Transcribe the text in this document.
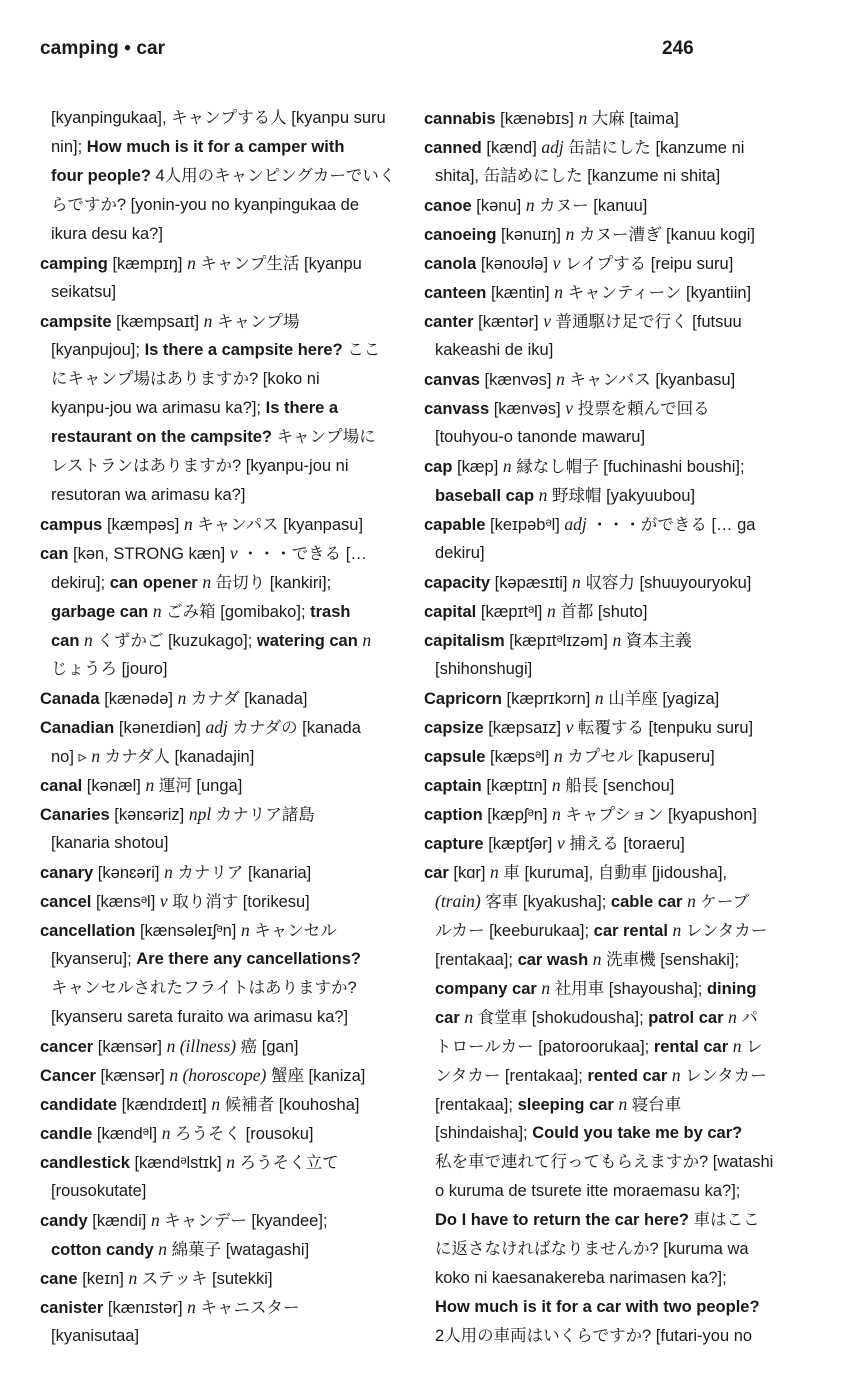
camping • car	246
[kyanpingukaa], キャンプする人 [kyanpu suru
nin]; How much is it for a camper with
four people? 4人用のキャンピングカーでいく
らですか? [yonin-you no kyanpingukaa de
ikura desu ka?]
camping [kæmpɪŋ] n キャンプ生活 [kyanpu
seikatsu]
campsite [kæmpsaɪt] n キャンプ場
[kyanpujou]; Is there a campsite here? ここ
にキャンプ場はありますか? [koko ni
kyanpu-jou wa arimasu ka?]; Is there a
restaurant on the campsite? キャンプ場に
レストランはありますか? [kyanpu-jou ni
resutoran wa arimasu ka?]
campus [kæmpəs] n キャンパス [kyanpasu]
can [kən, STRONG kæn] v ・・・できる […
dekiru]; can opener n 缶切り [kankiri];
garbage can n ごみ箱 [gomibako]; trash
can n くずかご [kuzukago]; watering can n
じょうろ [jouro]
Canada [kænədə] n カナダ [kanada]
Canadian [kəneɪdiən] adj カナダの [kanada
no] ▹ n カナダ人 [kanadajin]
canal [kənæl] n 運河 [unga]
Canaries [kənɛəriz] npl カナリア諸島
[kanaria shotou]
canary [kənɛəri] n カナリア [kanaria]
cancel [kænsᵊl] v 取り消す [torikesu]
cancellation [kænsəleɪʃᵊn] n キャンセル
[kyanseru]; Are there any cancellations?
キャンセルされたフライトはありますか?
[kyanseru sareta furaito wa arimasu ka?]
cancer [kænsər] n (illness) 癌 [gan]
Cancer [kænsər] n (horoscope) 蟹座 [kaniza]
candidate [kændɪdeɪt] n 候補者 [kouhosha]
candle [kændᵊl] n ろうそく [rousoku]
candlestick [kændᵊlstɪk] n ろうそく立て
[rousokutate]
candy [kændi] n キャンデー [kyandee];
cotton candy n 綿菓子 [watagashi]
cane [keɪn] n ステッキ [sutekki]
canister [kænɪstər] n キャニスター
[kyanisutaa]
cannabis [kænəbɪs] n 大麻 [taima]
canned [kænd] adj 缶詰にした [kanzume ni
shita], 缶詰めにした [kanzume ni shita]
canoe [kənu] n カヌー [kanuu]
canoeing [kənuɪŋ] n カヌー漕ぎ [kanuu kogi]
canola [kənoʊlə] v レイプする [reipu suru]
canteen [kæntin] n キャンティーン [kyantiin]
canter [kæntər] v 普通駆け足で行く [futsuu
kakeashi de iku]
canvas [kænvəs] n キャンバス [kyanbasu]
canvass [kænvəs] v 投票を頼んで回る
[touhyou-o tanonde mawaru]
cap [kæp] n 縁なし帽子 [fuchinashi boushi];
baseball cap n 野球帽 [yakyuubou]
capable [keɪpəbᵊl] adj ・・・ができる [… ga
dekiru]
capacity [kəpæsɪti] n 収容力 [shuuyouryoku]
capital [kæpɪtᵊl] n 首都 [shuto]
capitalism [kæpɪtᵊlɪzəm] n 資本主義
[shihonshugi]
Capricorn [kæprɪkɔrn] n 山羊座 [yagiza]
capsize [kæpsaɪz] v 転覆する [tenpuku suru]
capsule [kæpsᵊl] n カプセル [kapuseru]
captain [kæptɪn] n 船長 [senchou]
caption [kæpʃᵊn] n キャプション [kyapushon]
capture [kæptʃər] v 捕える [toraeru]
car [kɑr] n 車 [kuruma], 自動車 [jidousha],
(train) 客車 [kyakusha]; cable car n ケーブ
ルカー [keeburukaa]; car rental n レンタカー
[rentakaa]; car wash n 洗車機 [senshaki];
company car n 社用車 [shayousha]; dining
car n 食堂車 [shokudousha]; patrol car n パ
トロールカー [patoroorukaa]; rental car n レ
ンタカー [rentakaa]; rented car n レンタカー
[rentakaa]; sleeping car n 寝台車
[shindaisha]; Could you take me by car?
私を車で連れて行ってもらえますか? [watashi
o kuruma de tsurete itte moraemasu ka?];
Do I have to return the car here? 車はここ
に返さなければなりませんか? [kuruma wa
koko ni kaesanakereba narimasen ka?];
How much is it for a car with two people?
2人用の車両はいくらですか? [futari-you no
